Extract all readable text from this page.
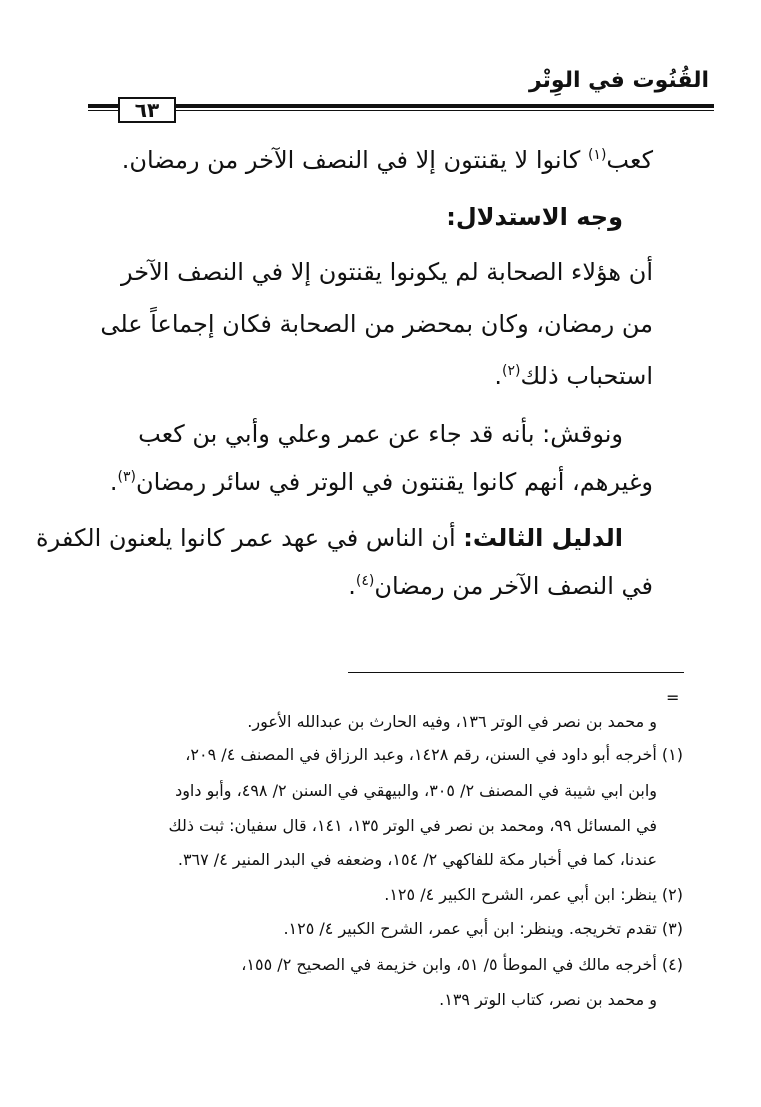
القُنُوت في الوِتْر
٦٣
كعب$^{(١)}$ كانوا لا يقنتون إلا في النصف الآخر من رمضان.
وجه الاستدلال:
أن هؤلاء الصحابة لم يكونوا يقنتون إلا في النصف الآخر
من رمضان، وكان بمحضر من الصحابة فكان إجماعاً على
استحباب ذلك$^{(٢)}$.
ونوقش: بأنه قد جاء عن عمر وعلي وأبي بن كعب
وغيرهم، أنهم كانوا يقنتون في الوتر في سائر رمضان$^{(٣)}$.
الدليل الثالث: أن الناس في عهد عمر كانوا يلعنون الكفرة
في النصف الآخر من رمضان$^{(٤)}$.
=
و محمد بن نصر في الوتر ١٣٦، وفيه الحارث بن عبدالله الأعور.
(١) أخرجه أبو داود في السنن، رقم ١٤٢٨، وعبد الرزاق في المصنف ٤/ ٢٠٩،
وابن ابي شيبة في المصنف ٢/ ٣٠٥، والبيهقي في السنن ٢/ ٤٩٨، وأبو داود
في المسائل ٩٩، ومحمد بن نصر في الوتر ١٣٥، ١٤١، قال سفيان: ثبت ذلك
عندنا، كما في أخبار مكة للفاكهي ٢/ ١٥٤، وضعفه في البدر المنير ٤/ ٣٦٧.
(٢) ينظر: ابن أبي عمر، الشرح الكبير ٤/ ١٢٥.
(٣) تقدم تخريجه. وينظر: ابن أبي عمر، الشرح الكبير ٤/ ١٢٥.
(٤) أخرجه مالك في الموطأ ٥/ ٥١، وابن خزيمة في الصحيح ٢/ ١٥٥،
و محمد بن نصر، كتاب الوتر ١٣٩.
